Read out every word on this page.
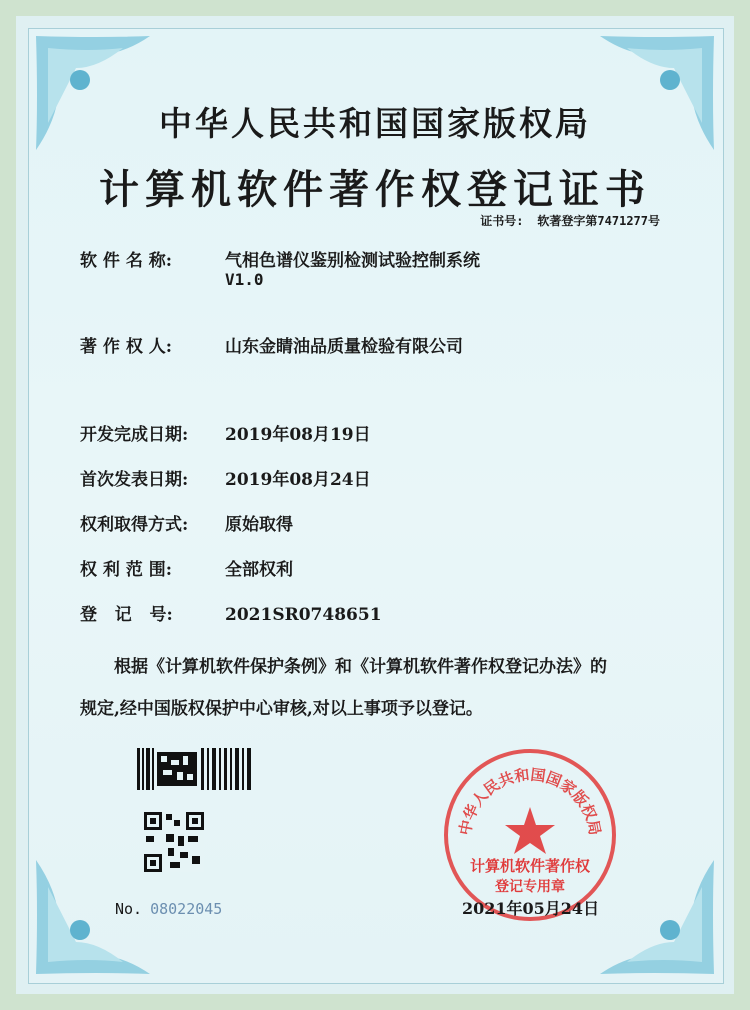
中华人民共和国国家版权局
计算机软件著作权登记证书
证书号: 软著登字第7471277号
软 件 名 称:	气相色谱仪鉴别检测试验控制系统
V1.0
著 作 权 人:	山东金睛油品质量检验有限公司
开发完成日期: 2019年08月19日
首次发表日期: 2019年08月24日
权利取得方式: 原始取得
权 利 范 围:	全部权利
登   记   号:	2021SR0748651
根据《计算机软件保护条例》和《计算机软件著作权登记办法》的
规定,经中国版权保护中心审核,对以上事项予以登记。
No. 08022045
中华人民共和国国家版权局
计算机软件著作权
登记专用章
2021年05月24日
